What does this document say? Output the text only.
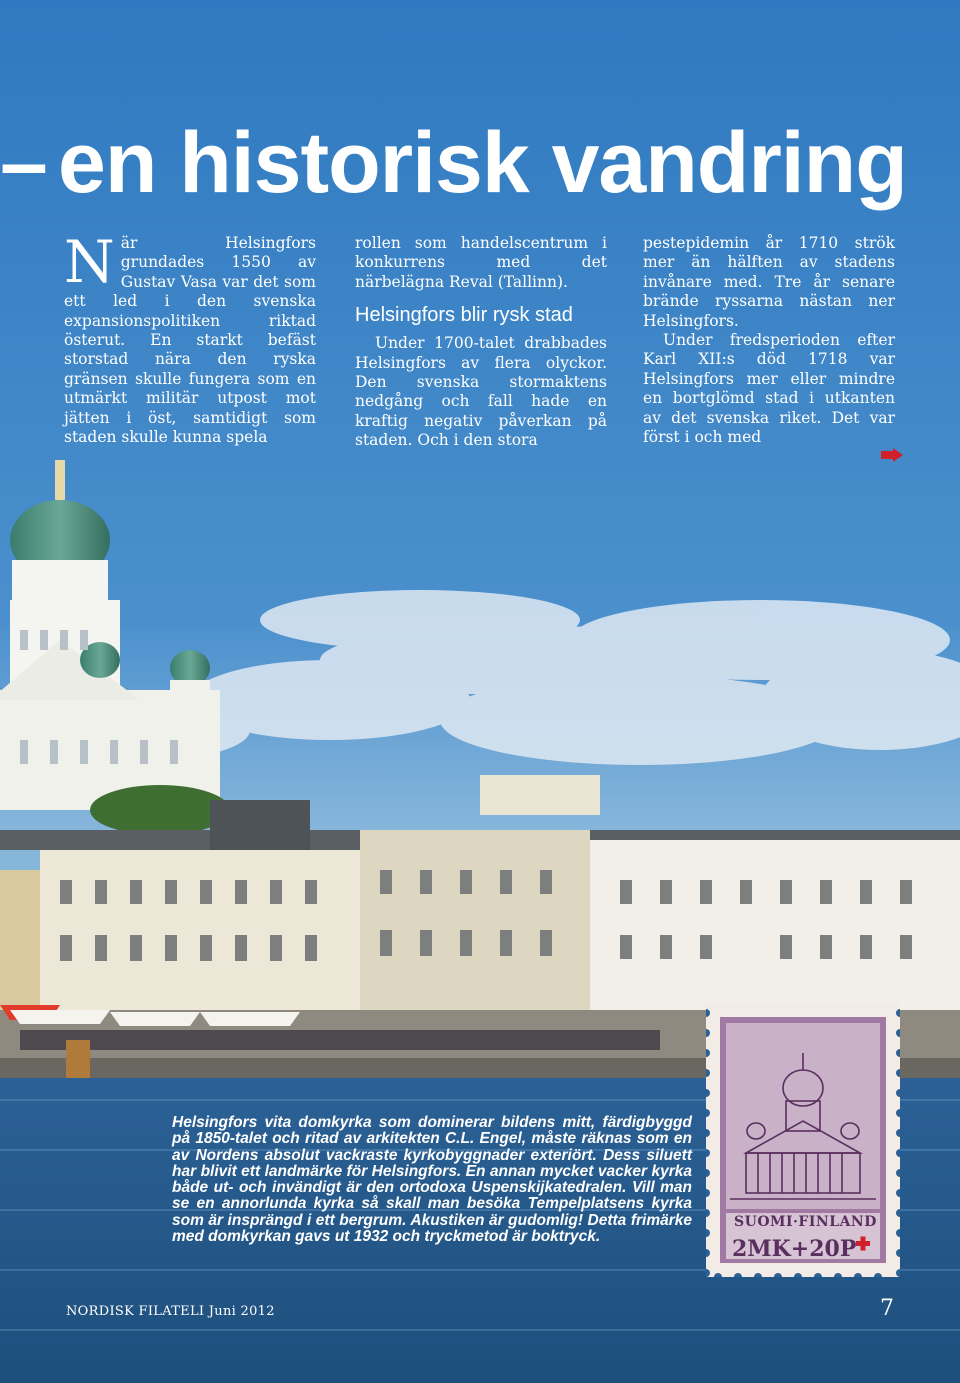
– en historisk vandring
N är Helsingfors grundades 1550 av Gustav Vasa var det som ett led i den svenska expansionspolitiken riktad österut. En starkt befäst storstad nära den ryska gränsen skulle fungera som en utmärkt militär utpost mot jätten i öst, samtidigt som staden skulle kunna spela

rollen som handelscentrum i konkurrens med det närbelägna Reval (Tallinn).

Helsingfors blir rysk stad

Under 1700-talet drabbades Helsingfors av flera olyckor. Den svenska stormaktens nedgång och fall hade en kraftig negativ påverkan på staden. Och i den stora

pestepidemin år 1710 strök mer än hälften av stadens invånare med. Tre år senare brände ryssarna nästan ner Helsingfors.

Under fredsperioden efter Karl XII:s död 1718 var Helsingfors mer eller mindre en bortglömd stad i utkanten av det svenska riket. Det var först i och med

Helsingfors vita domkyrka som dominerar bildens mitt, färdigbyggd på 1850-talet och ritad av arkitekten C.L. Engel, måste räknas som en av Nordens absolut vackraste kyrkobyggnader exteriört. Dess siluett har blivit ett landmärke för Helsingfors. En annan mycket vacker kyrka både ut- och invändigt är den ortodoxa Uspenskijkatedralen. Vill man se en annorlunda kyrka så skall man besöka Tempelplatsens kyrka som är insprängd i ett bergrum. Akustiken är gudomlig! Detta frimärke med domkyrkan gavs ut 1932 och tryckmetod är boktryck.

SUOMI·FINLAND
2MK+20P
NORDISK FILATELI Juni 2012	7
